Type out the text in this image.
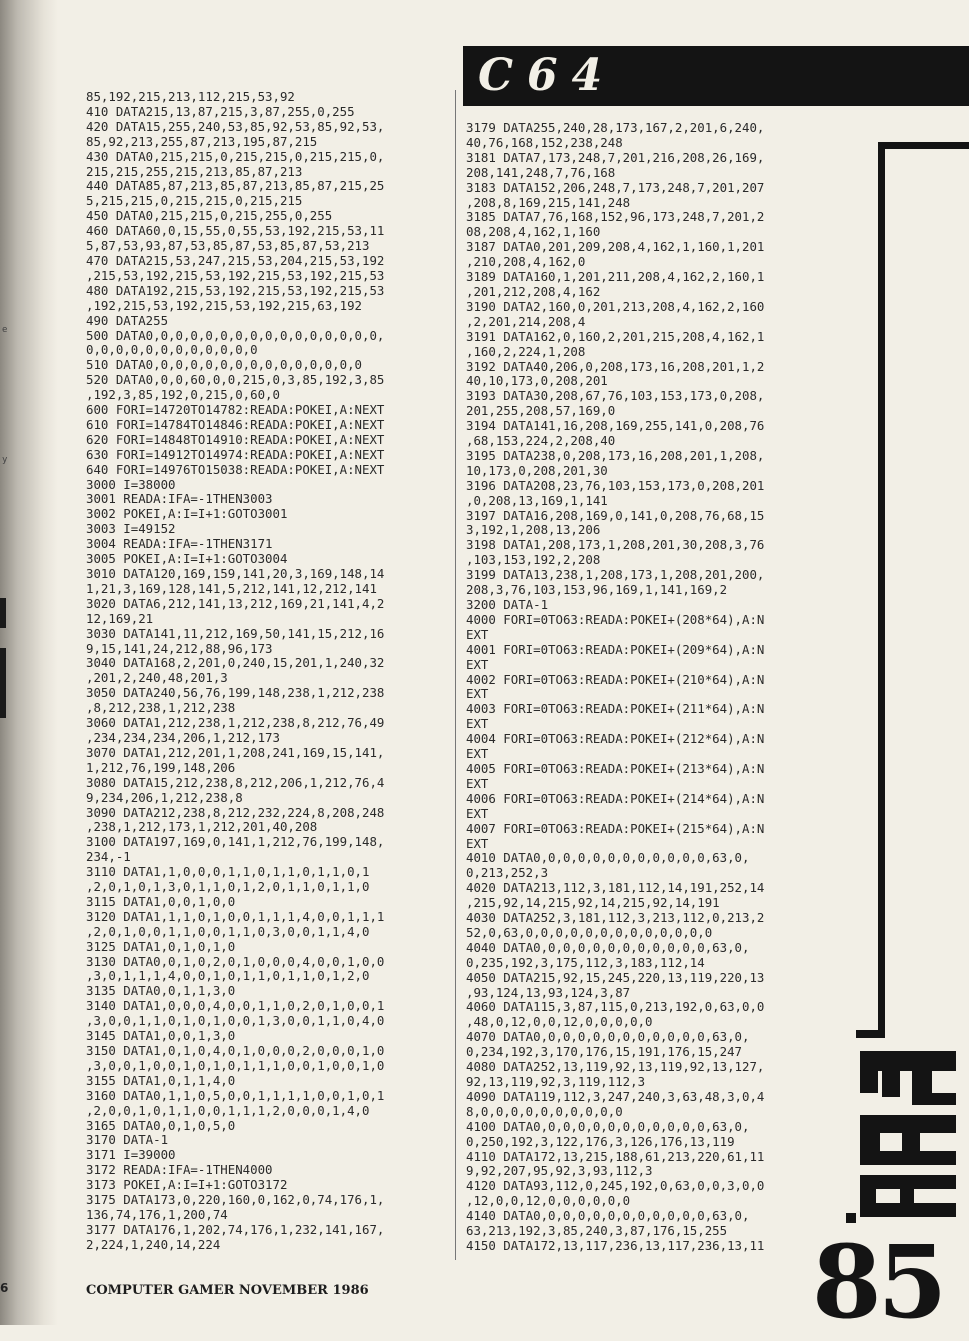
e
y
C64
85,192,215,213,112,215,53,92
410 DATA215,13,87,215,3,87,255,0,255
420 DATA15,255,240,53,85,92,53,85,92,53,
85,92,213,255,87,213,195,87,215
430 DATA0,215,215,0,215,215,0,215,215,0,
215,215,255,215,213,85,87,213
440 DATA85,87,213,85,87,213,85,87,215,25
5,215,215,0,215,215,0,215,215
450 DATA0,215,215,0,215,255,0,255
460 DATA60,0,15,55,0,55,53,192,215,53,11
5,87,53,93,87,53,85,87,53,85,87,53,213
470 DATA215,53,247,215,53,204,215,53,192
,215,53,192,215,53,192,215,53,192,215,53
480 DATA192,215,53,192,215,53,192,215,53
,192,215,53,192,215,53,192,215,63,192
490 DATA255
500 DATA0,0,0,0,0,0,0,0,0,0,0,0,0,0,0,0,
0,0,0,0,0,0,0,0,0,0,0,0
510 DATA0,0,0,0,0,0,0,0,0,0,0,0,0,0,0
520 DATA0,0,0,60,0,0,215,0,3,85,192,3,85
,192,3,85,192,0,215,0,60,0
600 FORI=14720TO14782:READA:POKEI,A:NEXT
610 FORI=14784TO14846:READA:POKEI,A:NEXT
620 FORI=14848TO14910:READA:POKEI,A:NEXT
630 FORI=14912TO14974:READA:POKEI,A:NEXT
640 FORI=14976TO15038:READA:POKEI,A:NEXT
3000 I=38000
3001 READA:IFA=-1THEN3003
3002 POKEI,A:I=I+1:GOTO3001
3003 I=49152
3004 READA:IFA=-1THEN3171
3005 POKEI,A:I=I+1:GOTO3004
3010 DATA120,169,159,141,20,3,169,148,14
1,21,3,169,128,141,5,212,141,12,212,141
3020 DATA6,212,141,13,212,169,21,141,4,2
12,169,21
3030 DATA141,11,212,169,50,141,15,212,16
9,15,141,24,212,88,96,173
3040 DATA168,2,201,0,240,15,201,1,240,32
,201,2,240,48,201,3
3050 DATA240,56,76,199,148,238,1,212,238
,8,212,238,1,212,238
3060 DATA1,212,238,1,212,238,8,212,76,49
,234,234,234,206,1,212,173
3070 DATA1,212,201,1,208,241,169,15,141,
1,212,76,199,148,206
3080 DATA15,212,238,8,212,206,1,212,76,4
9,234,206,1,212,238,8
3090 DATA212,238,8,212,232,224,8,208,248
,238,1,212,173,1,212,201,40,208
3100 DATA197,169,0,141,1,212,76,199,148,
234,-1
3110 DATA1,1,0,0,0,1,1,0,1,1,0,1,1,0,1
,2,0,1,0,1,3,0,1,1,0,1,2,0,1,1,0,1,1,0
3115 DATA1,0,0,1,0,0
3120 DATA1,1,1,0,1,0,0,1,1,1,4,0,0,1,1,1
,2,0,1,0,0,1,1,0,0,1,1,0,3,0,0,1,1,4,0
3125 DATA1,0,1,0,1,0
3130 DATA0,0,1,0,2,0,1,0,0,0,4,0,0,1,0,0
,3,0,1,1,1,4,0,0,1,0,1,1,0,1,1,0,1,2,0
3135 DATA0,0,1,1,3,0
3140 DATA1,0,0,0,4,0,0,1,1,0,2,0,1,0,0,1
,3,0,0,1,1,0,1,0,1,0,0,1,3,0,0,1,1,0,4,0
3145 DATA1,0,0,1,3,0
3150 DATA1,0,1,0,4,0,1,0,0,0,2,0,0,0,1,0
,3,0,0,1,0,0,1,0,1,0,1,1,1,0,0,1,0,0,1,0
3155 DATA1,0,1,1,4,0
3160 DATA0,1,1,0,5,0,0,1,1,1,1,0,0,1,0,1
,2,0,0,1,0,1,1,0,0,1,1,1,2,0,0,0,1,4,0
3165 DATA0,0,1,0,5,0
3170 DATA-1
3171 I=39000
3172 READA:IFA=-1THEN4000
3173 POKEI,A:I=I+1:GOTO3172
3175 DATA173,0,220,160,0,162,0,74,176,1,
136,74,176,1,200,74
3177 DATA176,1,202,74,176,1,232,141,167,
2,224,1,240,14,224
3179 DATA255,240,28,173,167,2,201,6,240,
40,76,168,152,238,248
3181 DATA7,173,248,7,201,216,208,26,169,
208,141,248,7,76,168
3183 DATA152,206,248,7,173,248,7,201,207
,208,8,169,215,141,248
3185 DATA7,76,168,152,96,173,248,7,201,2
08,208,4,162,1,160
3187 DATA0,201,209,208,4,162,1,160,1,201
,210,208,4,162,0
3189 DATA160,1,201,211,208,4,162,2,160,1
,201,212,208,4,162
3190 DATA2,160,0,201,213,208,4,162,2,160
,2,201,214,208,4
3191 DATA162,0,160,2,201,215,208,4,162,1
,160,2,224,1,208
3192 DATA40,206,0,208,173,16,208,201,1,2
40,10,173,0,208,201
3193 DATA30,208,67,76,103,153,173,0,208,
201,255,208,57,169,0
3194 DATA141,16,208,169,255,141,0,208,76
,68,153,224,2,208,40
3195 DATA238,0,208,173,16,208,201,1,208,
10,173,0,208,201,30
3196 DATA208,23,76,103,153,173,0,208,201
,0,208,13,169,1,141
3197 DATA16,208,169,0,141,0,208,76,68,15
3,192,1,208,13,206
3198 DATA1,208,173,1,208,201,30,208,3,76
,103,153,192,2,208
3199 DATA13,238,1,208,173,1,208,201,200,
208,3,76,103,153,96,169,1,141,169,2
3200 DATA-1
4000 FORI=0TO63:READA:POKEI+(208*64),A:N
EXT
4001 FORI=0TO63:READA:POKEI+(209*64),A:N
EXT
4002 FORI=0TO63:READA:POKEI+(210*64),A:N
EXT
4003 FORI=0TO63:READA:POKEI+(211*64),A:N
EXT
4004 FORI=0TO63:READA:POKEI+(212*64),A:N
EXT
4005 FORI=0TO63:READA:POKEI+(213*64),A:N
EXT
4006 FORI=0TO63:READA:POKEI+(214*64),A:N
EXT
4007 FORI=0TO63:READA:POKEI+(215*64),A:N
EXT
4010 DATA0,0,0,0,0,0,0,0,0,0,0,0,63,0,
0,213,252,3
4020 DATA213,112,3,181,112,14,191,252,14
,215,92,14,215,92,14,215,92,14,191
4030 DATA252,3,181,112,3,213,112,0,213,2
52,0,63,0,0,0,0,0,0,0,0,0,0,0,0,0
4040 DATA0,0,0,0,0,0,0,0,0,0,0,0,63,0,
0,235,192,3,175,112,3,183,112,14
4050 DATA215,92,15,245,220,13,119,220,13
,93,124,13,93,124,3,87
4060 DATA115,3,87,115,0,213,192,0,63,0,0
,48,0,12,0,0,12,0,0,0,0,0
4070 DATA0,0,0,0,0,0,0,0,0,0,0,0,63,0,
0,234,192,3,170,176,15,191,176,15,247
4080 DATA252,13,119,92,13,119,92,13,127,
92,13,119,92,3,119,112,3
4090 DATA119,112,3,247,240,3,63,48,3,0,4
8,0,0,0,0,0,0,0,0,0,0
4100 DATA0,0,0,0,0,0,0,0,0,0,0,0,63,0,
0,250,192,3,122,176,3,126,176,13,119
4110 DATA172,13,215,188,61,213,220,61,11
9,92,207,95,92,3,93,112,3
4120 DATA93,112,0,245,192,0,63,0,0,3,0,0
,12,0,0,12,0,0,0,0,0,0
4140 DATA0,0,0,0,0,0,0,0,0,0,0,0,63,0,
63,213,192,3,85,240,3,87,176,15,255
4150 DATA172,13,117,236,13,117,236,13,11 85
COMPUTER GAMER NOVEMBER 1986
6
